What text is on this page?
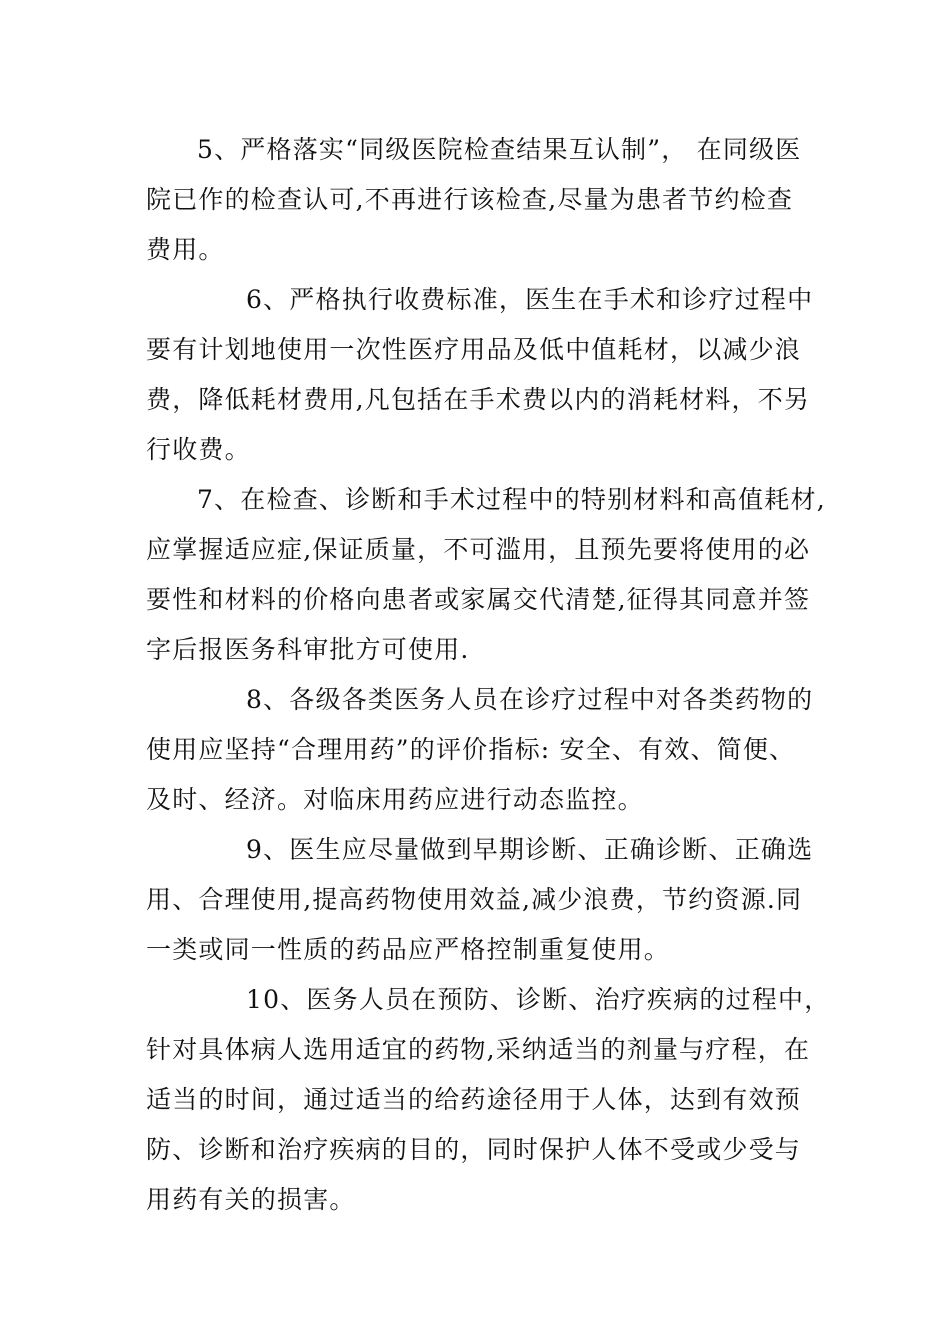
5、严格落实“同级医院检查结果互认制”， 在同级医

院已作的检查认可,不再进行该检查,尽量为患者节约检查

费用。

6、严格执行收费标准，医生在手术和诊疗过程中

要有计划地使用一次性医疗用品及低中值耗材，以减少浪

费，降低耗材费用,凡包括在手术费以内的消耗材料，不另

行收费。

7、在检查、诊断和手术过程中的特别材料和高值耗材,

应掌握适应症,保证质量，不可滥用，且预先要将使用的必

要性和材料的价格向患者或家属交代清楚,征得其同意并签

字后报医务科审批方可使用.

8、各级各类医务人员在诊疗过程中对各类药物的

使用应坚持“合理用药”的评价指标: 安全、有效、简便、

及时、经济。对临床用药应进行动态监控。

9、医生应尽量做到早期诊断、正确诊断、正确选

用、合理使用,提高药物使用效益,减少浪费，节约资源.同

一类或同一性质的药品应严格控制重复使用。

10、医务人员在预防、诊断、治疗疾病的过程中，

针对具体病人选用适宜的药物,采纳适当的剂量与疗程，在

适当的时间，通过适当的给药途径用于人体，达到有效预

防、诊断和治疗疾病的目的，同时保护人体不受或少受与

用药有关的损害。
